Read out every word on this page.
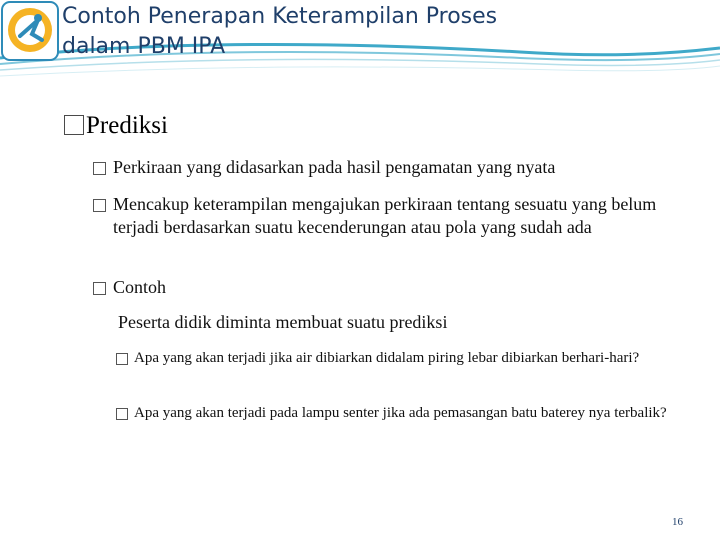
Contoh Penerapan Keterampilan Proses
dalam PBM IPA
Prediksi
Perkiraan yang didasarkan pada hasil pengamatan yang nyata
Mencakup keterampilan mengajukan perkiraan tentang sesuatu yang belum terjadi berdasarkan suatu kecenderungan atau pola yang sudah ada
Contoh
Peserta didik diminta membuat suatu prediksi
Apa yang akan terjadi jika air dibiarkan didalam piring lebar dibiarkan berhari-hari?
Apa yang akan terjadi pada lampu senter jika ada pemasangan batu baterey nya terbalik?
16
